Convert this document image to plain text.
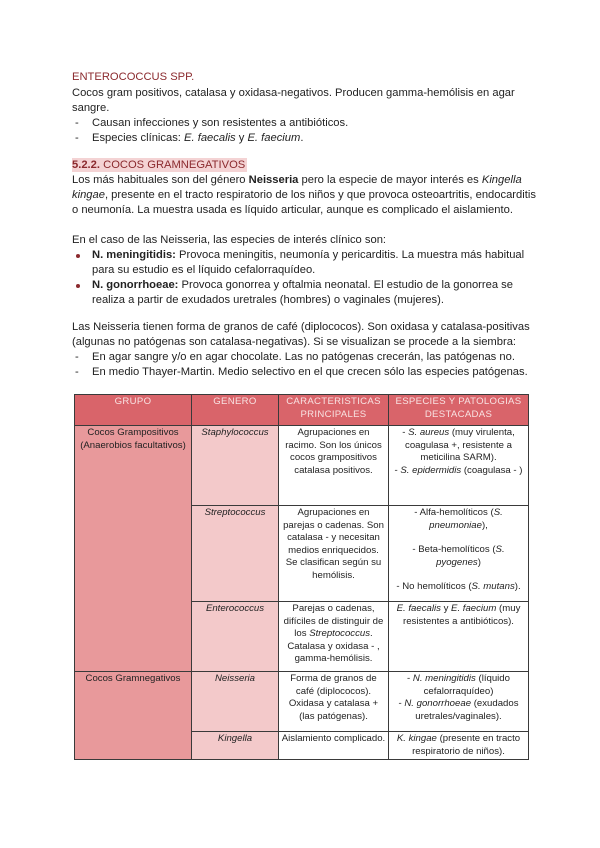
ENTEROCOCCUS SPP.
Cocos gram positivos, catalasa y oxidasa-negativos. Producen gamma-hemólisis en agar
sangre.
- Causan infecciones y son resistentes a antibióticos.
- Especies clínicas: E. faecalis y E. faecium.
5.2.2. COCOS GRAMNEGATIVOS
Los más habituales son del género Neisseria pero la especie de mayor interés es Kingella
kingae, presente en el tracto respiratorio de los niños y que provoca osteoartritis, endocarditis
o neumonía. La muestra usada es líquido articular, aunque es complicado el aislamiento.
En el caso de las Neisseria, las especies de interés clínico son:
N. meningitidis: Provoca meningitis, neumonía y pericarditis. La muestra más habitual
para su estudio es el líquido cefalorraquídeo.
N. gonorrhoeae: Provoca gonorrea y oftalmia neonatal. El estudio de la gonorrea se
realiza a partir de exudados uretrales (hombres) o vaginales (mujeres).
Las Neisseria tienen forma de granos de café (diplococos). Son oxidasa y catalasa-positivas
(algunas no patógenas son catalasa-negativas). Si se visualizan se procede a la siembra:
- En agar sangre y/o en agar chocolate. Las no patógenas crecerán, las patógenas no.
- En medio Thayer-Martin. Medio selectivo en el que crecen sólo las especies patógenas.
GRUPO	GENERO	CARACTERISTICAS PRINCIPALES	ESPECIES Y PATOLOGIAS DESTACADAS
Cocos Grampositivos (Anaerobios facultativos)	Staphylococcus	Agrupaciones en racimo. Son los únicos cocos grampositivos catalasa positivos.	- S. aureus (muy virulenta, coagulasa +, resistente a meticilina SARM).
- S. epidermidis (coagulasa - )

	Streptococcus	Agrupaciones en parejas o cadenas. Son catalasa - y necesitan medios enriquecidos. Se clasifican según su hemólisis.	- Alfa-hemolíticos (S. pneumoniae),
- Beta-hemolíticos (S. pyogenes)
- No hemolíticos (S. mutans).

	Enterococcus	Parejas o cadenas, difíciles de distinguir de los Streptococcus. Catalasa y oxidasa - , gamma-hemólisis.	E. faecalis y E. faecium (muy resistentes a antibióticos).
Cocos Gramnegativos	Neisseria	Forma de granos de café (diplococos). Oxidasa y catalasa + (las patógenas).	- N. meningitidis (líquido cefalorraquídeo)
- N. gonorrhoeae (exudados uretrales/vaginales).

	Kingella	Aislamiento complicado.	K. kingae (presente en tracto respiratorio de niños).
